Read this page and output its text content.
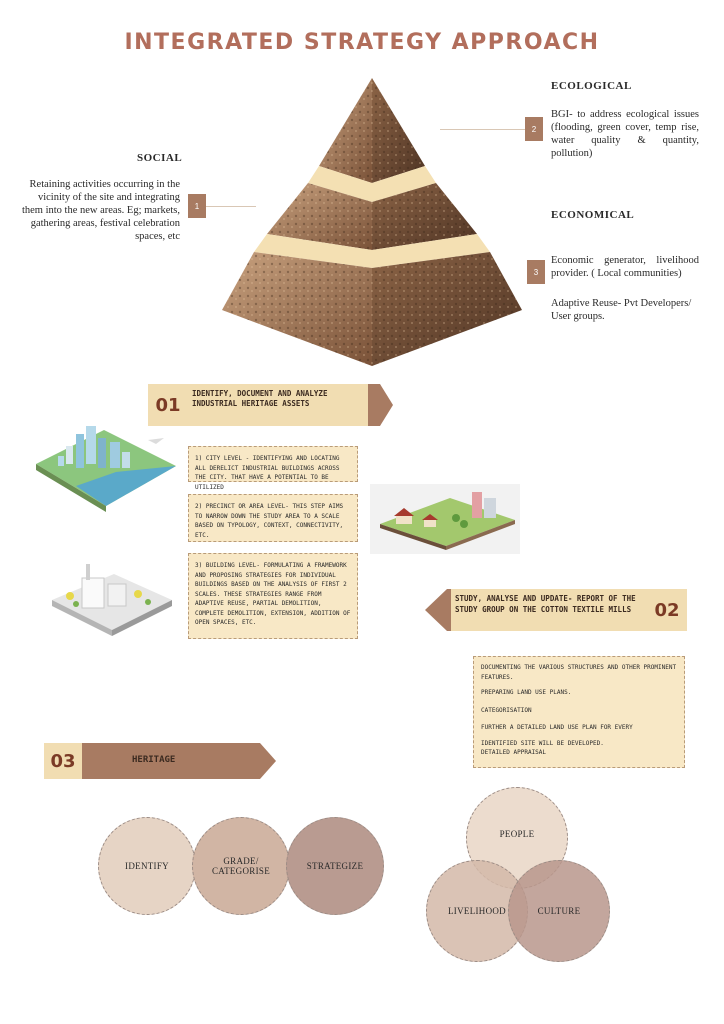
INTEGRATED STRATEGY APPROACH
SOCIAL
Retaining activities occurring in the vicinity of the site and integrating them into the new areas. Eg; markets, gathering areas, festival celebration spaces, etc
1
ECOLOGICAL
2
BGI- to address ecological issues (flooding, green cover, temp rise, water quality & quantity, pollution)
ECONOMICAL
3
Economic generator, livelihood provider. ( Local communities)
Adaptive Reuse- Pvt Developers/ User groups.
01
IDENTIFY, DOCUMENT AND ANALYZE INDUSTRIAL HERITAGE ASSETS
1) CITY LEVEL - IDENTIFYING AND LOCATING ALL DERELICT INDUSTRIAL BUILDINGS ACROSS THE CITY. THAT HAVE A POTENTIAL TO BE UTILIZED
2) PRECINCT OR AREA LEVEL- THIS STEP AIMS TO NARROW DOWN THE STUDY AREA TO A SCALE BASED ON TYPOLOGY, CONTEXT, CONNECTIVITY, ETC.
3) BUILDING LEVEL- FORMULATING A FRAMEWORK AND PROPOSING STRATEGIES FOR INDIVIDUAL BUILDINGS BASED ON THE ANALYSIS OF FIRST 2 SCALES. THESE STRATEGIES RANGE FROM ADAPTIVE REUSE, PARTIAL DEMOLITION, COMPLETE DEMOLITION, EXTENSION, ADDITION OF OPEN SPACES, ETC.
STUDY, ANALYSE AND UPDATE- REPORT OF THE STUDY GROUP ON THE COTTON TEXTILE MILLS	02
DOCUMENTING THE VARIOUS STRUCTURES AND OTHER PROMINENT FEATURES.
PREPARING LAND USE PLANS.
CATEGORISATION
FURTHER A DETAILED LAND USE PLAN FOR EVERY
IDENTIFIED SITE WILL BE DEVELOPED.
DETAILED APPRAISAL
03	HERITAGE
IDENTIFY	GRADE/ CATEGORISE	STRATEGIZE
PEOPLE
LIVELIHOOD	CULTURE
